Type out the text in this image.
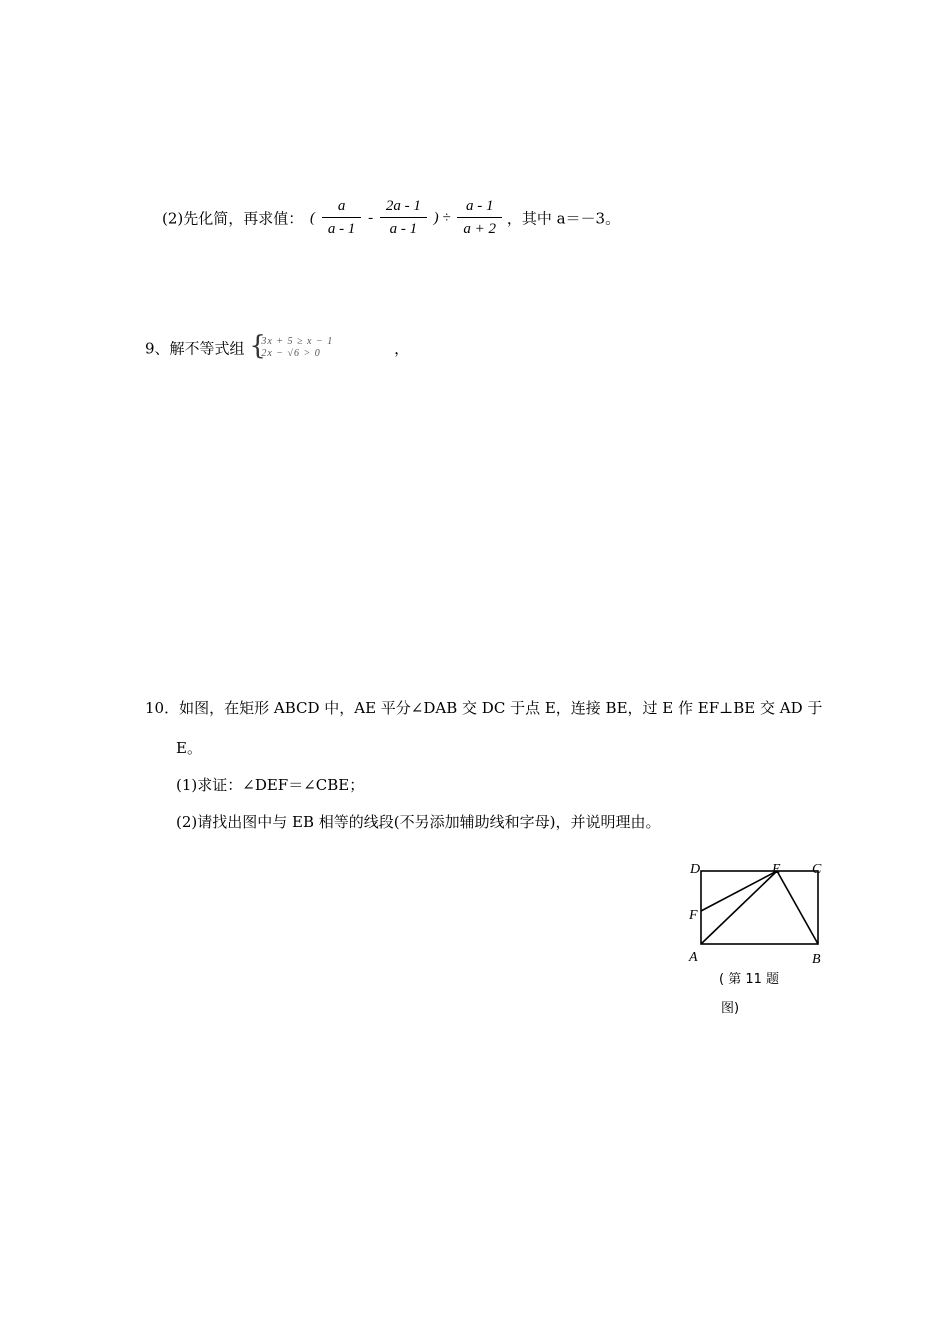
(2)先化简，再求值： ( $\frac{a}{a - 1} - \frac{2a - 1}{a - 1}$ ) ÷ $\frac{a - 1}{a + 2}$ ，其中 a＝－3。
9、解不等式组 {
3x + 5 ≥ x − 1
2x − √6 > 0	，
10．如图，在矩形 ABCD 中，AE 平分∠DAB 交 DC 于点 E，连接 BE，过 E 作 EF⊥BE 交 AD 于
E。
(1)求证：∠DEF＝∠CBE；
(2)请找出图中与 EB 相等的线段(不另添加辅助线和字母)，并说明理由。
D	E C
F
A	B
( 第 11 题
图)
